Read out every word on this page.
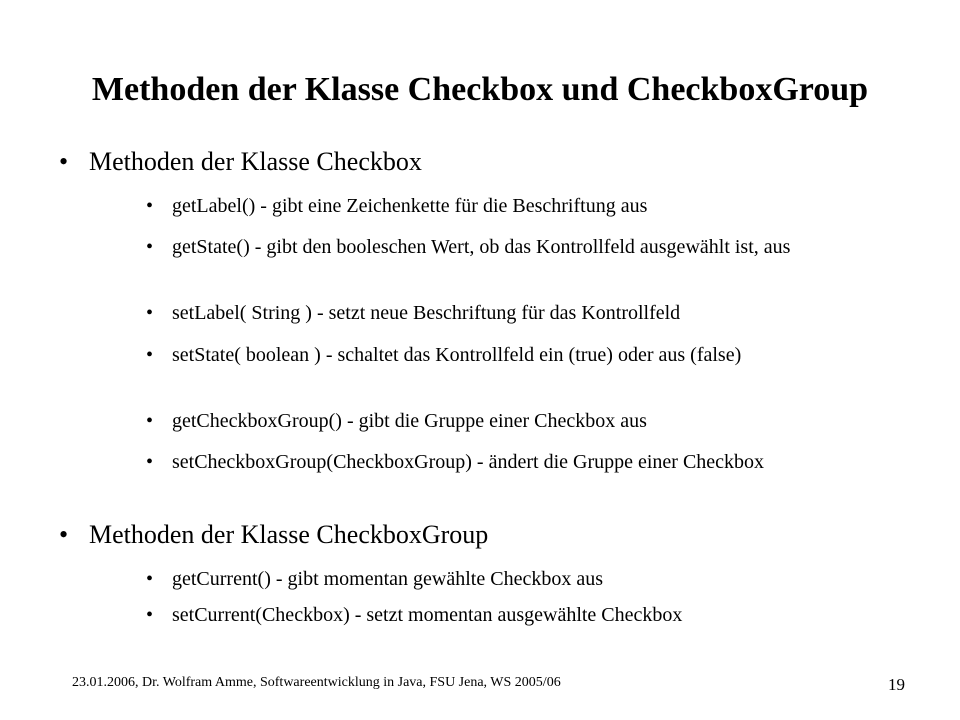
Methoden der Klasse Checkbox und CheckboxGroup
• Methoden der Klasse Checkbox
• getLabel() - gibt eine Zeichenkette für die Beschriftung aus
• getState() - gibt den booleschen Wert, ob das Kontrollfeld ausgewählt ist, aus
• setLabel( String ) - setzt neue Beschriftung für das Kontrollfeld
• setState( boolean ) - schaltet das Kontrollfeld ein (true) oder aus (false)
• getCheckboxGroup() - gibt die Gruppe einer Checkbox aus
• setCheckboxGroup(CheckboxGroup) - ändert die Gruppe einer Checkbox
• Methoden der Klasse CheckboxGroup
• getCurrent() - gibt momentan gewählte Checkbox aus
• setCurrent(Checkbox) - setzt momentan ausgewählte Checkbox
23.01.2006, Dr. Wolfram Amme, Softwareentwicklung in Java, FSU Jena, WS 2005/06	19
